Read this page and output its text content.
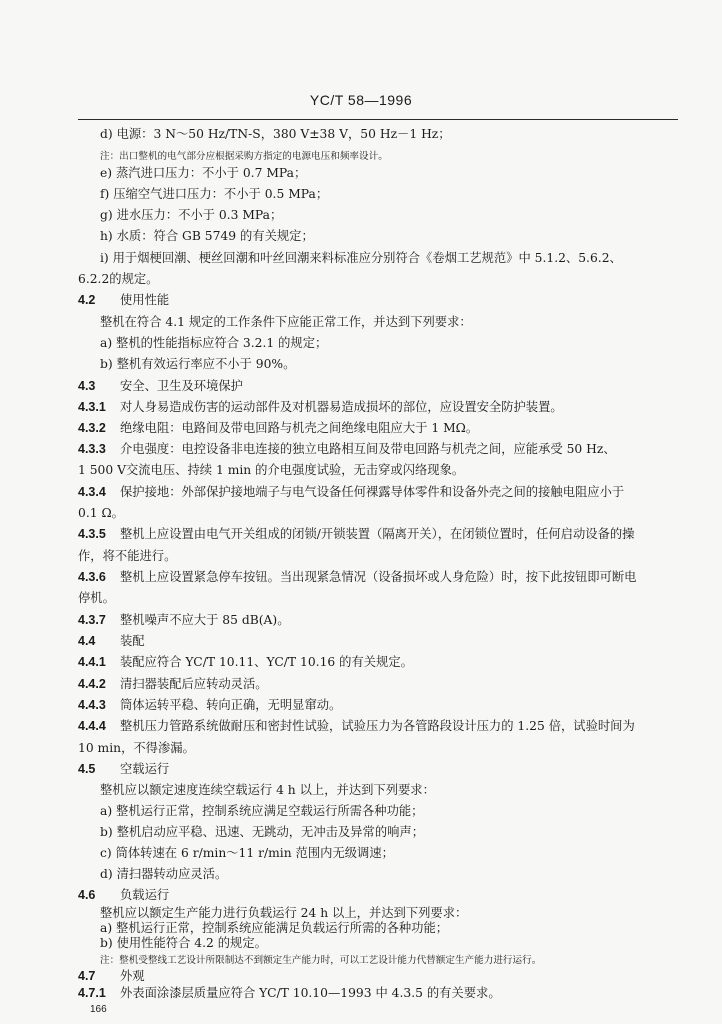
YC/T 58—1996
d) 电源：3 N～50 Hz/TN-S，380 V±38 V，50 Hz－1 Hz；
注：出口整机的电气部分应根据采购方指定的电源电压和频率设计。
e) 蒸汽进口压力：不小于 0.7 MPa；
f) 压缩空气进口压力：不小于 0.5 MPa；
g) 进水压力：不小于 0.3 MPa；
h) 水质：符合 GB 5749 的有关规定；
i) 用于烟梗回潮、梗丝回潮和叶丝回潮来料标准应分别符合《卷烟工艺规范》中 5.1.2、5.6.2、
6.2.2的规定。
4.2 使用性能
整机在符合 4.1 规定的工作条件下应能正常工作，并达到下列要求：
a) 整机的性能指标应符合 3.2.1 的规定；
b) 整机有效运行率应不小于 90%。
4.3 安全、卫生及环境保护
4.3.1 对人身易造成伤害的运动部件及对机器易造成损坏的部位，应设置安全防护装置。
4.3.2 绝缘电阻：电路间及带电回路与机壳之间绝缘电阻应大于 1 MΩ。
4.3.3 介电强度：电控设备非电连接的独立电路相互间及带电回路与机壳之间，应能承受 50 Hz、
1 500 V交流电压、持续 1 min 的介电强度试验，无击穿或闪络现象。
4.3.4 保护接地：外部保护接地端子与电气设备任何裸露导体零件和设备外壳之间的接触电阻应小于
0.1 Ω。
4.3.5 整机上应设置由电气开关组成的闭锁/开锁装置（隔离开关），在闭锁位置时，任何启动设备的操
作，将不能进行。
4.3.6 整机上应设置紧急停车按钮。当出现紧急情况（设备损坏或人身危险）时，按下此按钮即可断电
停机。
4.3.7 整机噪声不应大于 85 dB(A)。
4.4 装配
4.4.1 装配应符合 YC/T 10.11、YC/T 10.16 的有关规定。
4.4.2 清扫器装配后应转动灵活。
4.4.3 筒体运转平稳、转向正确，无明显窜动。
4.4.4 整机压力管路系统做耐压和密封性试验，试验压力为各管路段设计压力的 1.25 倍，试验时间为
10 min，不得渗漏。
4.5 空载运行
整机应以额定速度连续空载运行 4 h 以上，并达到下列要求：
a) 整机运行正常，控制系统应满足空载运行所需各种功能；
b) 整机启动应平稳、迅速、无跳动，无冲击及异常的响声；
c) 筒体转速在 6 r/min～11 r/min 范围内无级调速；
d) 清扫器转动应灵活。
4.6 负载运行
整机应以额定生产能力进行负载运行 24 h 以上，并达到下列要求：
a) 整机运行正常，控制系统应能满足负载运行所需的各种功能；
b) 使用性能符合 4.2 的规定。
注：整机受整线工艺设计所限制达不到额定生产能力时，可以工艺设计能力代替额定生产能力进行运行。
4.7 外观
4.7.1 外表面涂漆层质量应符合 YC/T 10.10—1993 中 4.3.5 的有关要求。
166
